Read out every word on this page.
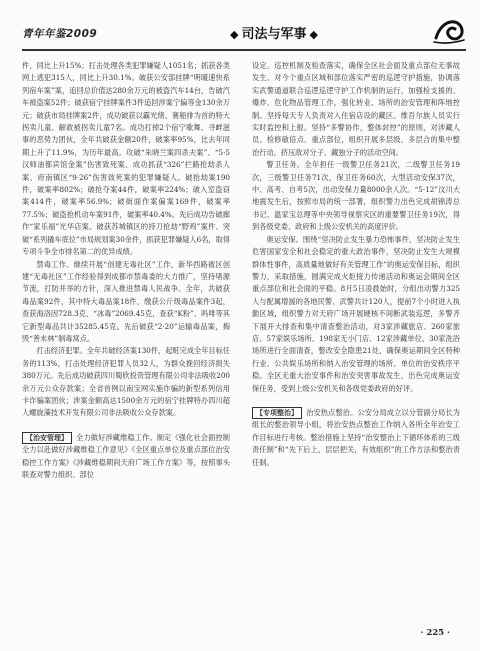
青年年鉴2009	◆ 司法与军事 ◆

件，同比上升15%；打击处理各类犯罪嫌疑人1051名；抓获各类网上逃犯315人，同比上升30.1%。破获公安部挂牌“明暖速快系列宿车案”案，追回总价值达280余万元的被盗汽车14台，告破汽车被盗案52件；破获宿宁挂牌案件3件追回涉案宁偏等金130余万元；破获市局挂牌案2件，成功破获以霸光绪、赛船排为首的特大拐卖儿童、解救被拐卖儿童7名。成功打掉2个宿宁歌舞、寻衅滋事的恶势力团伙，全年共破获金额20件，破案率95%，比去年同期上升了11.9%，为历年最高。攻破“朱晓兰案四杀夫案”、“5·5汉师油都宾馆金案”伤害致死案、成功抓获“326”拦路抢劫杀人案、府南镇区“9·26”伤害致死案的犯罪嫌疑人。破抢劫案190件，破案率802%；破抢夺案44件，破案率224%；破入室盗窃案414件，破案率56.9%；破街面作案偏案169件，破案率77.5%；破盗抢机动车案91件，破案率40.4%。先后成功告破廊作“家乐福”光华店案、破获苏城镇区的持刀抢劫“野鸡”案件、突破“系列撬车底位”市局规划案30余件，抓获犯罪嫌疑人6名，取得专项斗争全市排名第二的优异成绩。

禁毒工作。继续开展“创建无毒社区”工作，新华西路被区创建“无毒社区”工作经验得到成都市禁毒委的大力推广，坚持堵源节流，打防并举的方针，深入推进禁毒人民战争。全年，共破获毒品案92件，其中特大毒品案18件，缴获公斤级毒品案件3起，查获海洛因728.3克、“冰毒”2069.45克，查获“K粉”、吗啡等其它新型毒品共计35285.45克。先后破获“2·20”运输毒品案，掏毁“善未林”制毒窝点。

打击经济犯罪。全年共破经济案130件，起赃完成全年目标任务的113%，打击处理经济犯罪人员32人，为群众挽回经济损失380万元。先后成功破获四川蜀欣投资管理有限公司非法吸收200余万元公众存款案；全省首例以南宝网实施诈骗的新型系列信用卡诈骗案团伙；涉案金额高达1500余万元的宿宁挂牌特办四川超人螺旋藻技术开发有限公司非法吸收公众存款案。

【治安管理】 全力做好涉藏维稳工作。制定《强化社会面控制全力以赴做好涉藏维稳工作意见》《全区重点单位及重点部位治安稳控工作方案》《涉藏维稳期间天府广场工作方案》等，按照事头联查对警力组织、部位

设定、巡控机制及检查落实，确保全区社会面及重点部位无事故发生。对今个重点区域和部位落实严密的巡逻守护措施，协调落实武警通道联合巡逻巡逻守护工作机制的运行，加强检支援的、爆炸、危化物品管理工作，强化转业、场所的治安管理和阵地控制。坚持每天专人负责对入住宿店设的藏区、维吾尔族人员实行实时监控和上报。坚持“多警协作，整体封控”的原则，对涉藏人员、检修敏倍点、重点部位，组织开展多层级、多层合的集中整治行动，挤压敌对分子、藏独分子的活动空间。

警卫任务。全年担任一级警卫任务21次，二级警卫任务19次，三级警卫任务71次，保卫任务60次，大型活动安保37次，中、高考、自考5次，出动安保力量8000余人次。“5·12”汶川大地震发生后，按照市局的统一部署，组织警力出色完成胡锦涛总书记、温家宝总理等中央领导视察灾区的重要警卫任务19次，得到各级党委、政府和上级公安机关的高度评价。

奥运安保。围绕“坚决防止发生暴力恐怖事件，坚决防止发生危害国家安全和社会稳定的重大政治事件，坚决防止发生大规模群体性事件，高质量地做好有关管理工作”的奥运安保目标，组织警力，采取措施，圆满完成火炬接力传递活动和奥运会期间全区重点部位和社会面的平稳。8月5日凌晨始时，分组出动警力325人与配属增援的各地民警、武警共计120人，提前7个小时进入执勤区域，组织警力对天府广场开展硬核不间断武装巡逻，多警齐下展开大排查和集中清查整治活动，对3家涉藏旅店、260家旅店、57家娱乐场所、198家无小门店、12家涉藏单位、30家洗浴场所进行全面清查，整改安全隐患21处，确保奥运期间全区特种行业、公共娱乐场所和纳入治安管理的场所、单位的治安秩序平稳。全区无重大治安事件和治安突害事故发生，出色完成奥运安保任务，受到上级公安机关和各级党委政府的好评。

【专项整治】 治安热点整治。公安分局成立以分管副分局长为组长的整治领导小组，将治安热点整治工作纳入各所全年治安工作目标进行考核。整治措施上坚持“治安整治上下循环体系的三级责任制”和“先下后上，层层把关，有效组织”的工作方法和整治责任制。

· 225 ·
